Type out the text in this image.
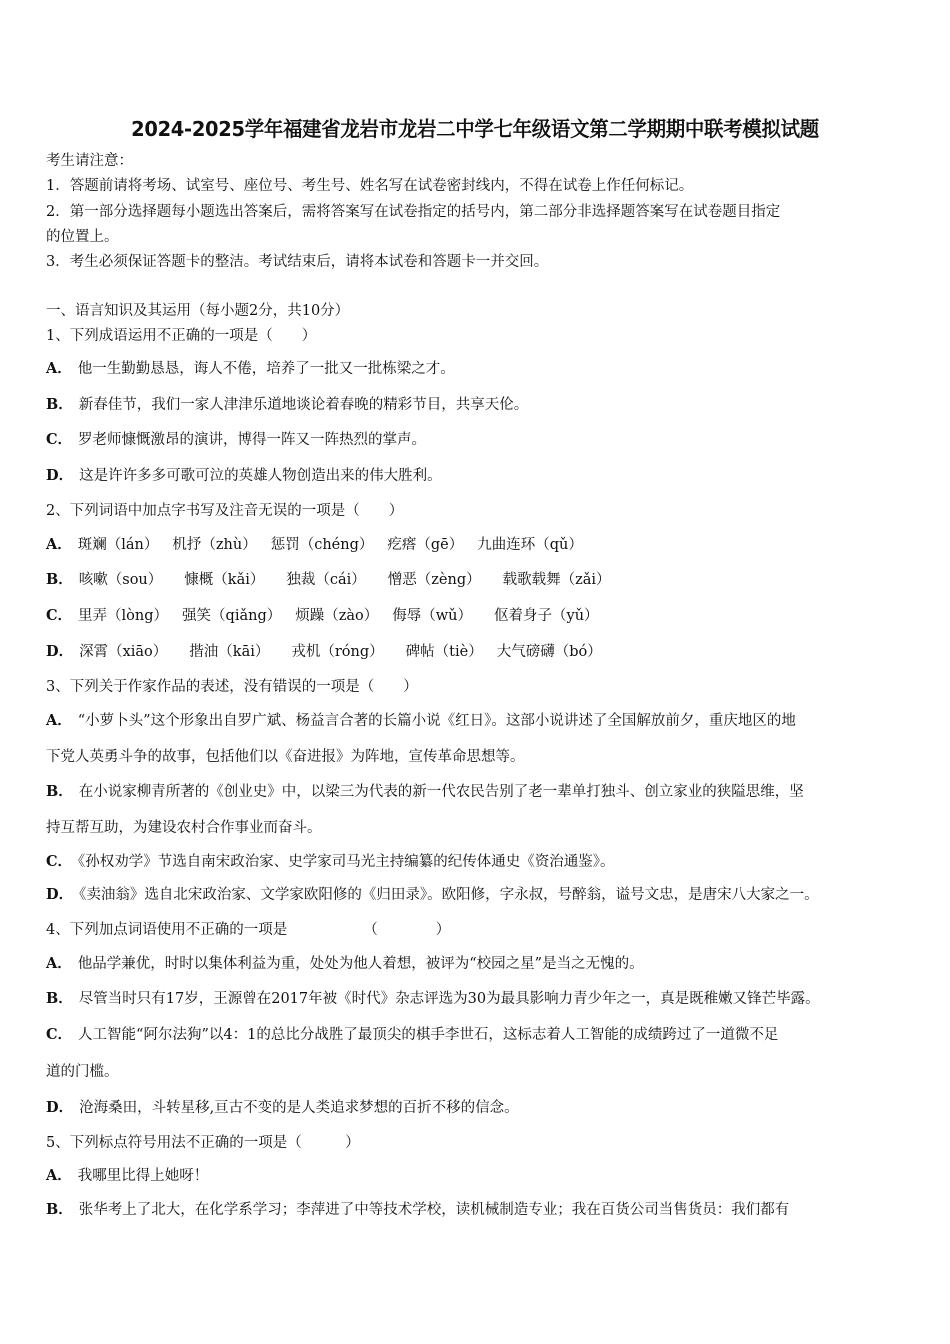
2024-2025学年福建省龙岩市龙岩二中学七年级语文第二学期期中联考模拟试题
考生请注意：
1．答题前请将考场、试室号、座位号、考生号、姓名写在试卷密封线内，不得在试卷上作任何标记。
2．第一部分选择题每小题选出答案后，需将答案写在试卷指定的括号内，第二部分非选择题答案写在试卷题目指定
的位置上。
3．考生必须保证答题卡的整洁。考试结束后，请将本试卷和答题卡一并交回。
一、语言知识及其运用（每小题2分，共10分）
1、下列成语运用不正确的一项是（　　）
A． 他一生勤勤恳恳，诲人不倦，培养了一批又一批栋梁之才。
B． 新春佳节，我们一家人津津乐道地谈论着春晚的精彩节目，共享天伦。
C． 罗老师慷慨激昂的演讲，博得一阵又一阵热烈的掌声。
D． 这是许许多多可歌可泣的英雄人物创造出来的伟大胜利。
2、下列词语中加点字书写及注音无误的一项是（　　）
A． 斑斓（lán） 机抒（zhù） 惩罚（chéng） 疙瘩（gē） 九曲连环（qǔ）
B． 咳嗽（sou） 慷概（kǎi） 独裁（cái） 憎恶（zèng） 载歌载舞（zǎi）
C． 里弄（lòng） 强笑（qiǎng） 烦躁（zào） 侮辱（wǔ） 伛着身子（yǔ）
D． 深霄（xiāo） 揩油（kāi） 戎机（róng） 碑帖（tiè） 大气磅礴（bó）
3、下列关于作家作品的表述，没有错误的一项是（　　）
A． “小萝卜头”这个形象出自罗广斌、杨益言合著的长篇小说《红日》。这部小说讲述了全国解放前夕，重庆地区的地
下党人英勇斗争的故事，包括他们以《奋进报》为阵地，宣传革命思想等。
B． 在小说家柳青所著的《创业史》中，以梁三为代表的新一代农民告别了老一辈单打独斗、创立家业的狭隘思维，坚
持互帮互助，为建设农村合作事业而奋斗。
C． 《孙权劝学》节选自南宋政治家、史学家司马光主持编纂的纪传体通史《资治通鉴》。
D． 《卖油翁》选自北宋政治家、文学家欧阳修的《归田录》。欧阳修，字永叔，号醉翁，谥号文忠，是唐宋八大家之一。
4、下列加点词语使用不正确的一项是	（　　　　）
A． 他品学兼优，时时以集体利益为重，处处为他人着想，被评为“校园之星”是当之无愧的。
B． 尽管当时只有17岁，王源曾在2017年被《时代》杂志评选为30为最具影响力青少年之一，真是既稚嫩又锋芒毕露。
C． 人工智能“阿尔法狗”以4：1的总比分战胜了最顶尖的棋手李世石，这标志着人工智能的成绩跨过了一道微不足
道的门槛。
D． 沧海桑田，斗转星移,亘古不变的是人类追求梦想的百折不移的信念。
5、下列标点符号用法不正确的一项是（　　　）
A． 我哪里比得上她呀！
B． 张华考上了北大，在化学系学习；李萍进了中等技术学校，读机械制造专业；我在百货公司当售货员：我们都有
